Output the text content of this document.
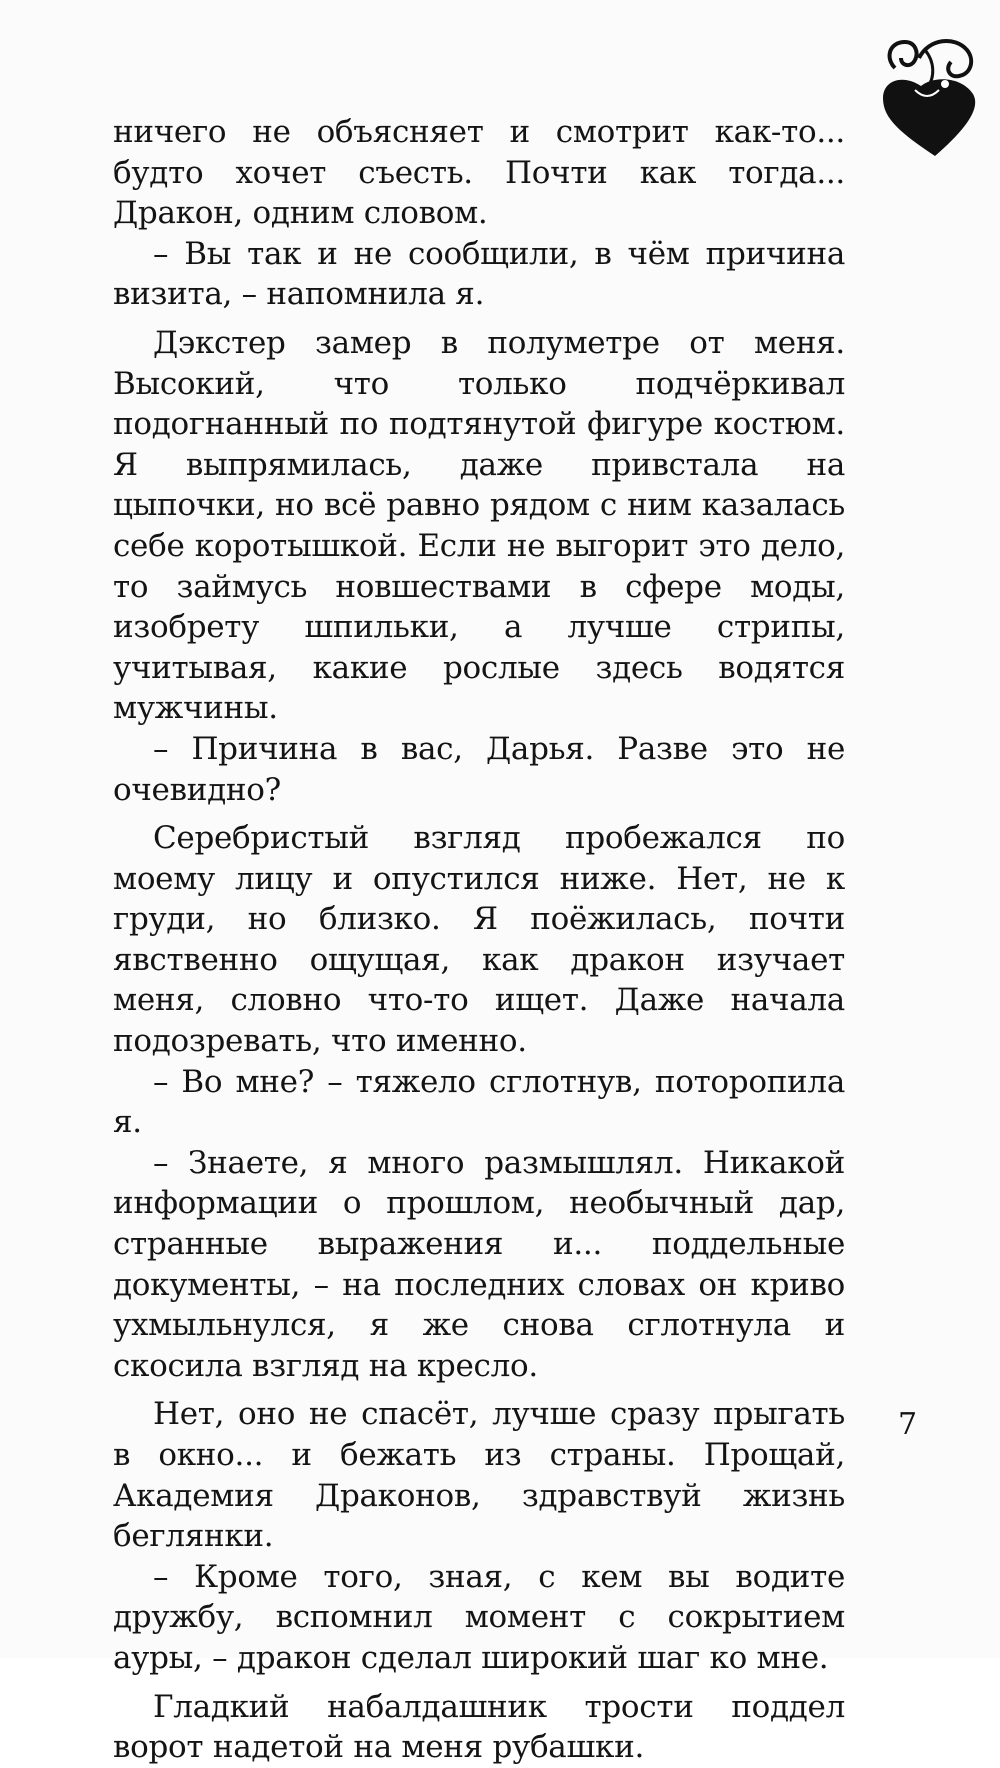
ничего не объясняет и смотрит как-то... будто хочет съесть. Почти как тогда... Дракон, одним словом.

– Вы так и не сообщили, в чём причина визита, – напомнила я.

Дэкстер замер в полуметре от меня. Высокий, что только подчёркивал подогнанный по подтянутой фигуре костюм. Я выпрямилась, даже привстала на цыпочки, но всё равно рядом с ним казалась себе коротышкой. Если не выгорит это дело, то займусь новшествами в сфере моды, изобрету шпильки, а лучше стрипы, учитывая, какие рослые здесь водятся мужчины.

– Причина в вас, Дарья. Разве это не очевидно?

Серебристый взгляд пробежался по моему лицу и опустился ниже. Нет, не к груди, но близко. Я поёжилась, почти явственно ощущая, как дракон изучает меня, словно что-то ищет. Даже начала подозревать, что именно.

– Во мне? – тяжело сглотнув, поторопила я.

– Знаете, я много размышлял. Никакой информации о прошлом, необычный дар, странные выражения и... поддельные документы, – на последних словах он криво ухмыльнулся, я же снова сглотнула и скосила взгляд на кресло.

Нет, оно не спасёт, лучше сразу прыгать в окно... и бежать из страны. Прощай, Академия Драконов, здравствуй жизнь беглянки.

– Кроме того, зная, с кем вы водите дружбу, вспомнил момент с сокрытием ауры, – дракон сделал широкий шаг ко мне.

Гладкий набалдашник трости поддел ворот надетой на меня рубашки.

7
